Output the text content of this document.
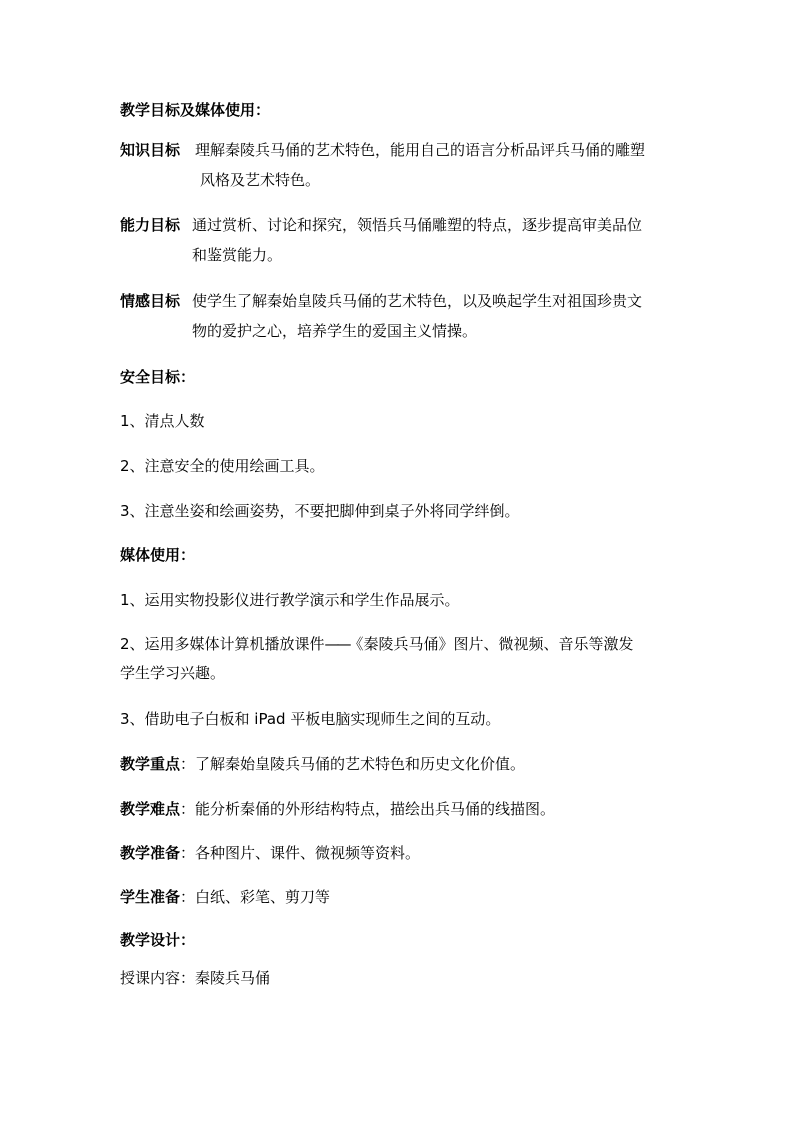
教学目标及媒体使用：
知识目标 理解秦陵兵马俑的艺术特色，能用自己的语言分析品评兵马俑的雕塑
风格及艺术特色。
能力目标 通过赏析、讨论和探究，领悟兵马俑雕塑的特点，逐步提高审美品位
和鉴赏能力。
情感目标 使学生了解秦始皇陵兵马俑的艺术特色，以及唤起学生对祖国珍贵文
物的爱护之心，培养学生的爱国主义情操。
安全目标：
1、清点人数
2、注意安全的使用绘画工具。
3、注意坐姿和绘画姿势，不要把脚伸到桌子外将同学绊倒。
媒体使用：
1、运用实物投影仪进行教学演示和学生作品展示。
2、运用多媒体计算机播放课件——《秦陵兵马俑》图片、微视频、音乐等激发
学生学习兴趣。
3、借助电子白板和 iPad 平板电脑实现师生之间的互动。
教学重点：了解秦始皇陵兵马俑的艺术特色和历史文化价值。
教学难点：能分析秦俑的外形结构特点，描绘出兵马俑的线描图。
教学准备：各种图片、课件、微视频等资料。
学生准备：白纸、彩笔、剪刀等
教学设计：
授课内容：秦陵兵马俑
